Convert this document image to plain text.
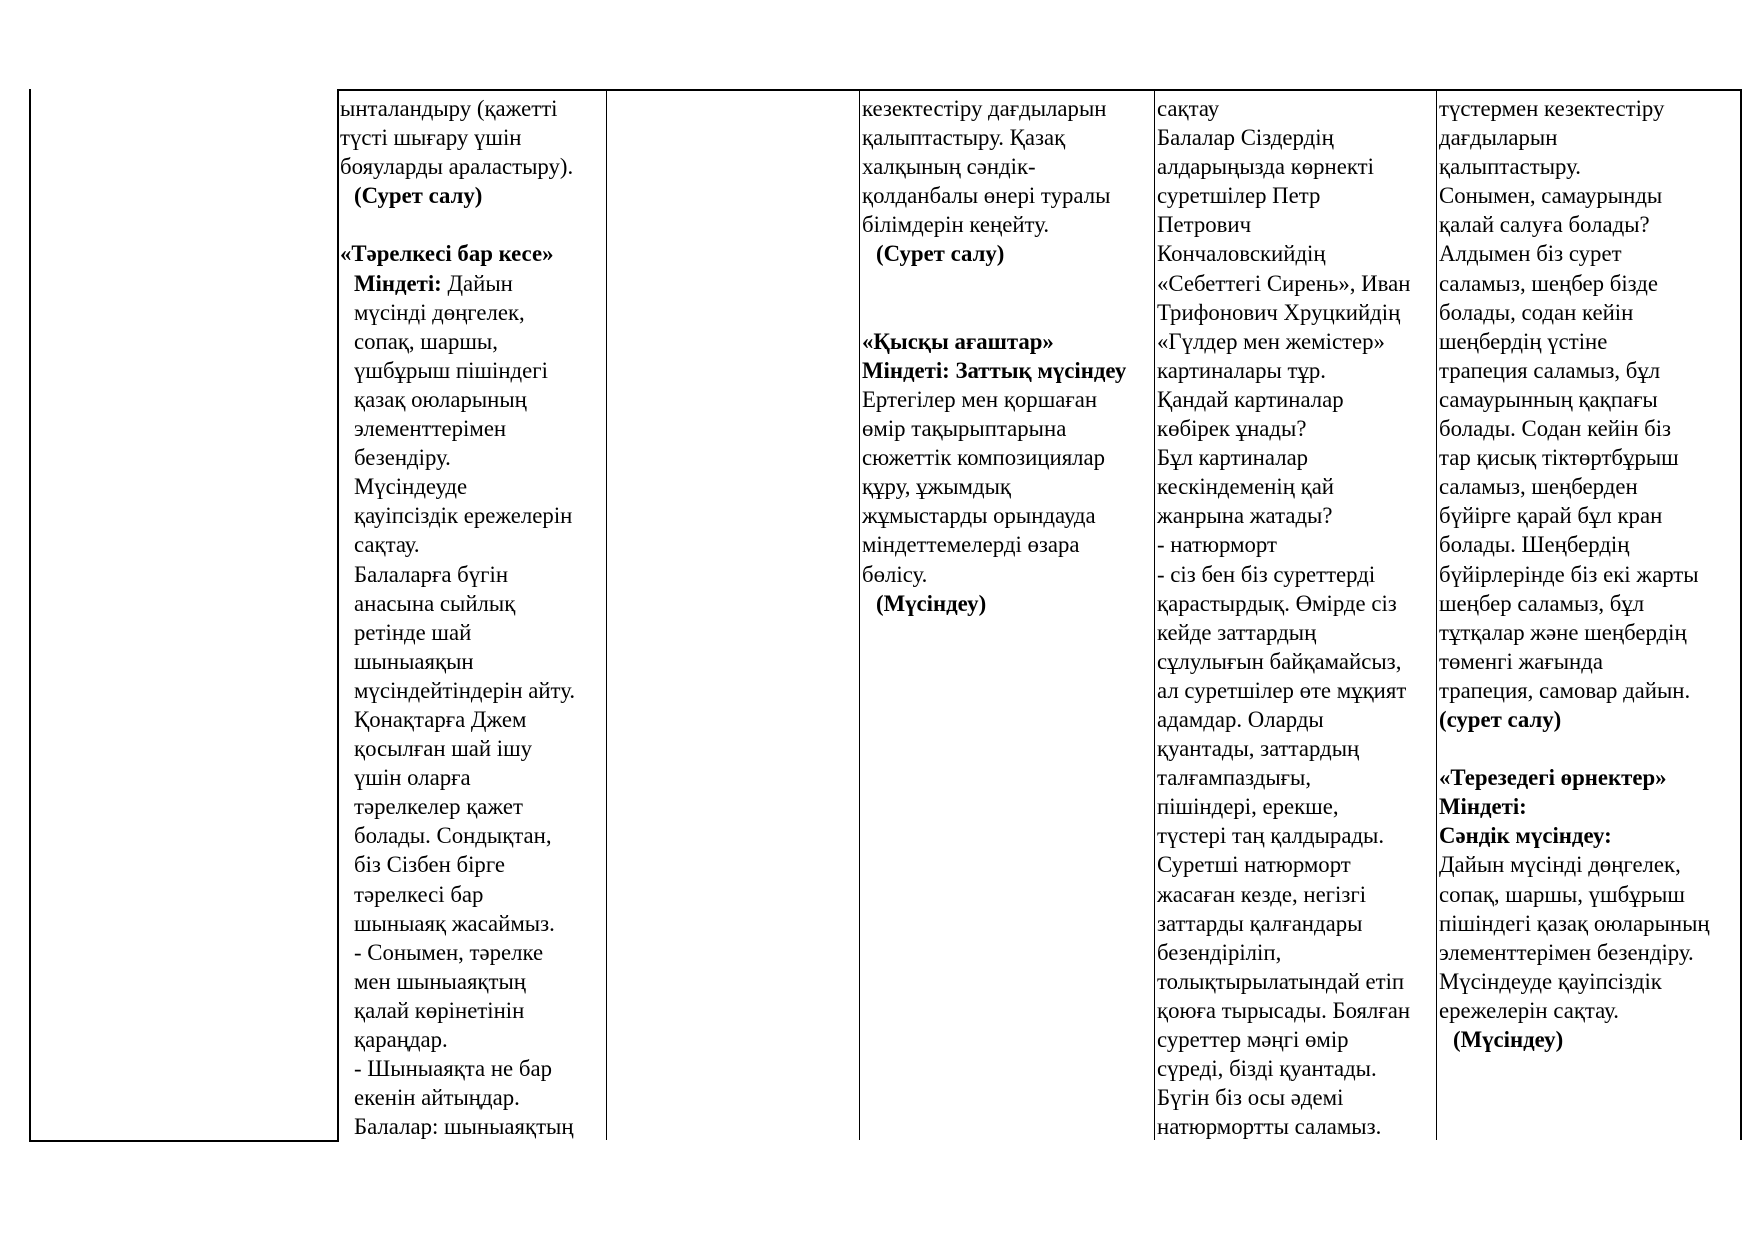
ынталандыру (қажетті
түсті шығару үшін
бояуларды араластыру).
(Сурет салу)
«Тәрелкесі бар кесе»
Міндеті: Дайын
мүсінді дөңгелек,
сопақ, шаршы,
үшбұрыш пішіндегі
қазақ оюларының
элементтерімен
безендіру.
Мүсіндеуде
қауіпсіздік ережелерін
сақтау.
Балаларға бүгін
анасына сыйлық
ретінде шай
шыныаяқын
мүсіндейтіндерін айту.
Қонақтарға Джем
қосылған шай ішу
үшін оларға
тәрелкелер қажет
болады. Сондықтан,
біз Сізбен бірге
тәрелкесі бар
шыныаяқ жасаймыз.
- Сонымен, тәрелке
мен шыныаяқтың
қалай көрінетінін
қараңдар.
- Шыныаяқта не бар
екенін айтыңдар.
Балалар: шыныаяқтың
кезектестіру дағдыларын
қалыптастыру. Қазақ
халқының сәндік-
қолданбалы өнері туралы
білімдерін кеңейту.
(Сурет салу)
«Қысқы ағаштар»
Міндеті: Заттық мүсіндеу
Ертегілер мен қоршаған
өмір тақырыптарына
сюжеттік композициялар
құру, ұжымдық
жұмыстарды орындауда
міндеттемелерді өзара
бөлісу.
(Мүсіндеу)
сақтау
Балалар Сіздердің
алдарыңызда көрнекті
суретшілер Петр
Петрович
Кончаловскийдің
«Себеттегі Сирень», Иван
Трифонович Хруцкийдің
«Гүлдер мен жемістер»
картиналары тұр.
Қандай картиналар
көбірек ұнады?
Бұл картиналар
кескіндеменің қай
жанрына жатады?
- натюрморт
- сіз бен біз суреттерді
қарастырдық. Өмірде сіз
кейде заттардың
сұлулығын байқамайсыз,
ал суретшілер өте мұқият
адамдар. Оларды
қуантады, заттардың
талғампаздығы,
пішіндері, ерекше,
түстері таң қалдырады.
Суретші натюрморт
жасаған кезде, негізгі
заттарды қалғандары
безендіріліп,
толықтырылатындай етіп
қоюға тырысады. Боялған
суреттер мәңгі өмір
сүреді, бізді қуантады.
Бүгін біз осы әдемі
натюрмортты саламыз.
түстермен кезектестіру
дағдыларын
қалыптастыру.
Сонымен, самаурынды
қалай салуға болады?
Алдымен біз сурет
саламыз, шеңбер бізде
болады, содан кейін
шеңбердің үстіне
трапеция саламыз, бұл
самаурынның қақпағы
болады. Содан кейін біз
тар қисық тіктөртбұрыш
саламыз, шеңберден
бүйірге қарай бұл кран
болады. Шеңбердің
бүйірлерінде біз екі жарты
шеңбер саламыз, бұл
тұтқалар және шеңбердің
төменгі жағында
трапеция, самовар дайын.
(сурет салу)
«Терезедегі өрнектер»
Міндеті:
Сәндік мүсіндеу:
Дайын мүсінді дөңгелек,
сопақ, шаршы, үшбұрыш
пішіндегі қазақ оюларының
элементтерімен безендіру.
Мүсіндеуде қауіпсіздік
ережелерін сақтау.
(Мүсіндеу)
